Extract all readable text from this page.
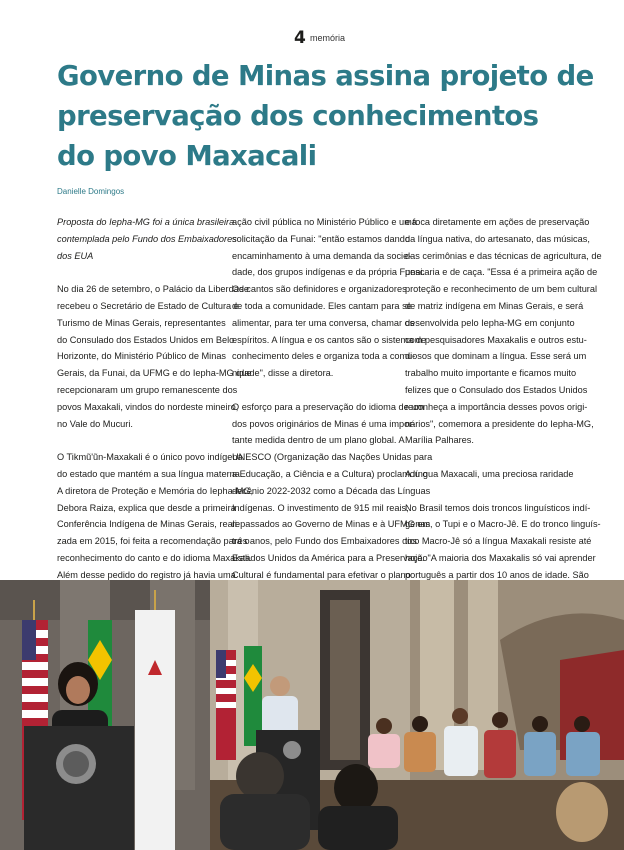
4 memória
Governo de Minas assina projeto de
preservação dos conhecimentos
do povo Maxacali
Danielle Domingos
Proposta do Iepha-MG foi a única brasileira
contemplada pelo Fundo dos Embaixadores
dos EUA
No dia 26 de setembro, o Palácio da Liberdade
recebeu o Secretário de Estado de Cultura e
Turismo de Minas Gerais, representantes
do Consulado dos Estados Unidos em Belo
Horizonte, do Ministério Público de Minas
Gerais, da Funai, da UFMG e do Iepha-MG que
recepcionaram um grupo remanescente dos
povos Maxakali, vindos do nordeste mineiro,
no Vale do Mucuri.
O Tikmũ'ũn-Maxakali é o único povo indígena
do estado que mantém a sua língua materna.
A diretora de Proteção e Memória do Iepha-MG,
Debora Raiza, explica que desde a primeira
Conferência Indígena de Minas Gerais, reali-
zada em 2015, foi feita a recomendação para o
reconhecimento do canto e do idioma Maxakali.
Além desse pedido do registro já havia uma
ação civil pública no Ministério Público e uma
solicitação da Funai: "então estamos dando
encaminhamento à uma demanda da socie-
dade, dos grupos indígenas e da própria Funai.
Os cantos são definidores e organizadores
de toda a comunidade. Eles cantam para se
alimentar, para ter uma conversa, chamar os
espíritos. A língua e os cantos são o sistema de
conhecimento deles e organiza toda a comu-
nidade", disse a diretora.
O esforço para a preservação do idioma de um
dos povos originários de Minas é uma impor-
tante medida dentro de um plano global. A
UNESCO (Organização das Nações Unidas para
a Educação, a Ciência e a Cultura) proclamou o
decênio 2022-2032 como a Década das Línguas
Indígenas. O investimento de 915 mil reais,
repassados ao Governo de Minas e à UFMG em
três anos, pelo Fundo dos Embaixadores dos
Estados Unidos da América para a Preservação
Cultural é fundamental para efetivar o plano
e foca diretamente em ações de preservação
da língua nativa, do artesanato, das músicas,
das cerimônias e das técnicas de agricultura, de
pescaria e de caça. "Essa é a primeira ação de
proteção e reconhecimento de um bem cultural
de matriz indígena em Minas Gerais, e será
desenvolvida pelo Iepha-MG em conjunto
com pesquisadores Maxakalis e outros estu-
diosos que dominam a língua. Esse será um
trabalho muito importante e ficamos muito
felizes que o Consulado dos Estados Unidos
reconheça a importância desses povos origi-
nários", comemora a presidente do Iepha-MG,
Marília Palhares.
A língua Maxacali, uma preciosa raridade
No Brasil temos dois troncos linguísticos indí-
genas, o Tupi e o Macro-Jê. E do tronco linguís-
tico Macro-Jê só a língua Maxakali resiste até
hoje. "A maioria dos Maxakalis só vai aprender
português a partir dos 10 anos de idade. São
